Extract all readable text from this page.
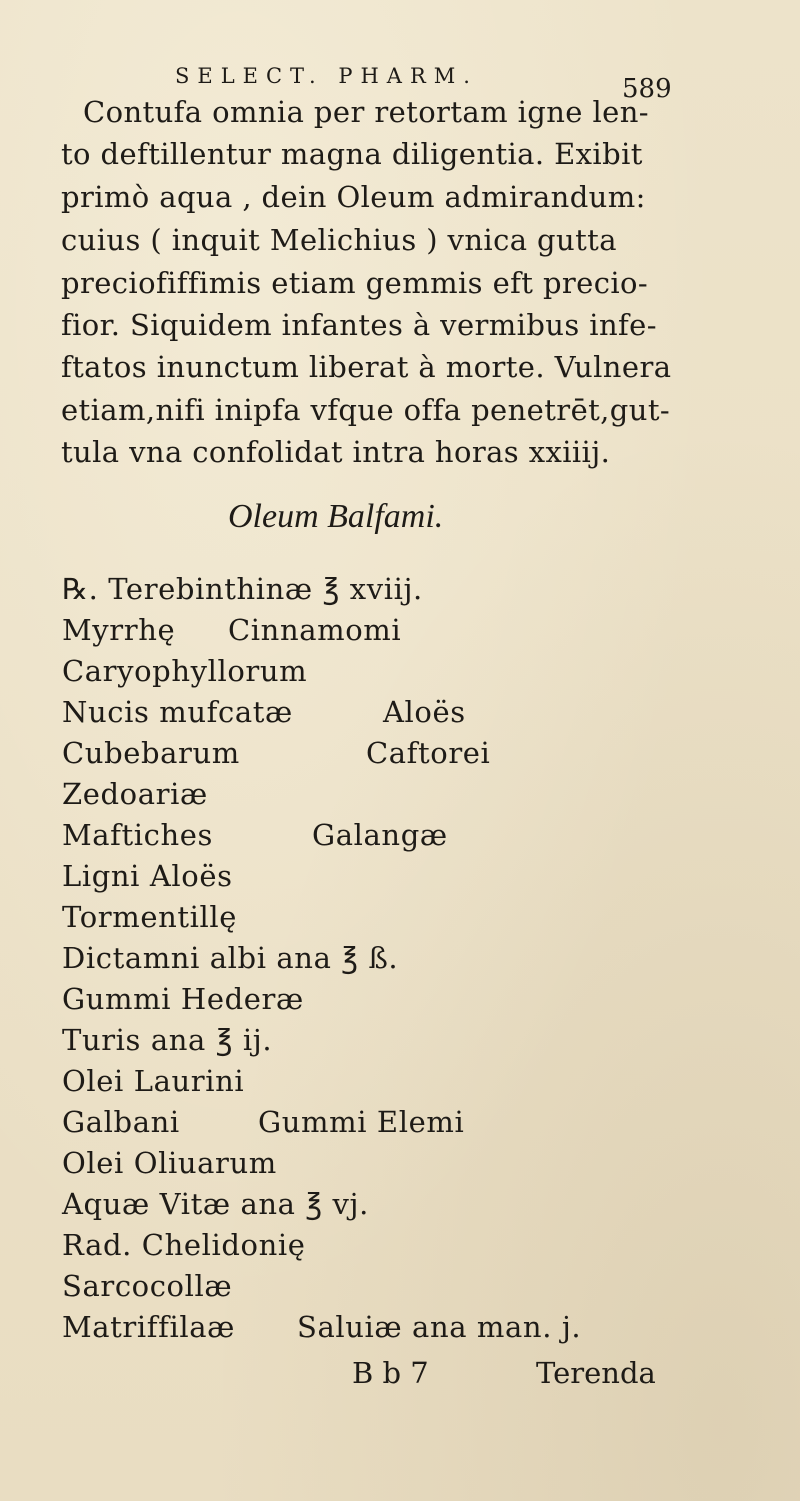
SELECT. PHARM.	589
Contufa omnia per retortam igne len-
to deftillentur magna diligentia. Exibit
primò aqua , dein Oleum admirandum:
cuius ( inquit Melichius ) vnica gutta
preciofiffimis etiam gemmis eft precio-
fior. Siquidem infantes à vermibus infe-
ftatos inunctum liberat à morte. Vulnera
etiam,nifi inipfa vfque offa penetrēt,gut-
tula vna confolidat intra horas xxiiij.
Oleum Balfami.
℞. Terebinthinæ ℥ xviij.
Myrrhę Cinnamomi
Caryophyllorum
Nucis mufcatæ	Aloës
Cubebarum	Caftorei
Zedoariæ
Maftiches	Galangæ
Ligni Aloës
Tormentillę
Dictamni albi ana ℥ ß.
Gummi Hederæ
Turis ana ℥ ij.
Olei Laurini
Galbani	Gummi Elemi
Olei Oliuarum
Aquæ Vitæ ana ℥ vj.
Rad. Chelidonię
Sarcocollæ
Matriffilaæ Saluiæ ana man. j.
B b 7	Terenda
